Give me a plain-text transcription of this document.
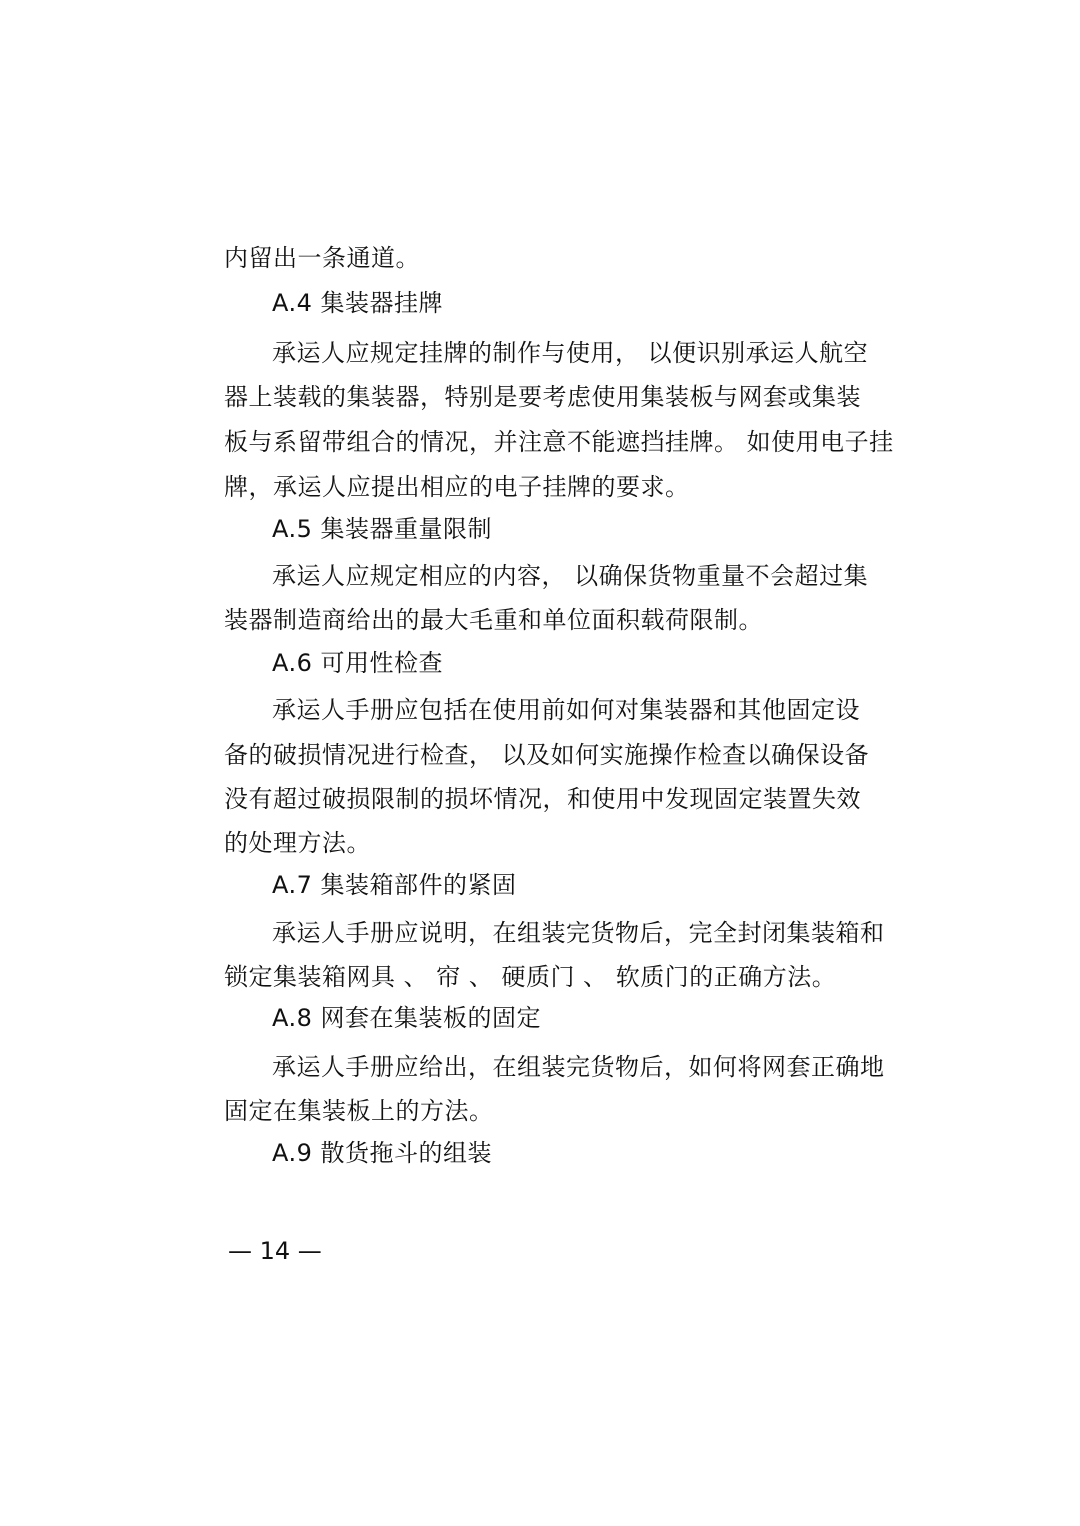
内留出一条通道。
A.4 集装器挂牌
承运人应规定挂牌的制作与使用， 以便识别承运人航空
器上装载的集装器，特别是要考虑使用集装板与网套或集装
板与系留带组合的情况，并注意不能遮挡挂牌。 如使用电子挂
牌，承运人应提出相应的电子挂牌的要求。
A.5 集装器重量限制
承运人应规定相应的内容， 以确保货物重量不会超过集
装器制造商给出的最大毛重和单位面积载荷限制。
A.6 可用性检查
承运人手册应包括在使用前如何对集装器和其他固定设
备的破损情况进行检查， 以及如何实施操作检查以确保设备
没有超过破损限制的损坏情况，和使用中发现固定装置失效
的处理方法。
A.7 集装箱部件的紧固
承运人手册应说明，在组装完货物后，完全封闭集装箱和
锁定集装箱网具 、 帘 、 硬质门 、 软质门的正确方法。
A.8 网套在集装板的固定
承运人手册应给出，在组装完货物后，如何将网套正确地
固定在集装板上的方法。
A.9 散货拖斗的组装
— 14 —
